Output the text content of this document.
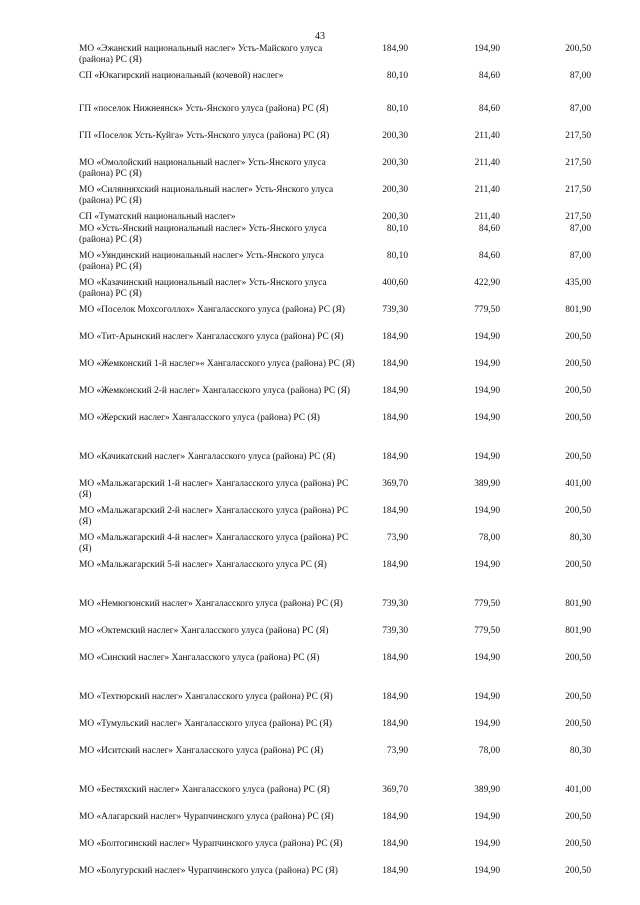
43
МО «Эжанский национальный наслег» Усть-Майского улуса (района) РС (Я)	184,90	194,90	200,50
СП «Юкагирский национальный (кочевой) наслег»	80,10	84,60	87,00
ГП «поселок Нижнеянск» Усть-Янского улуса (района) РС (Я)	80,10	84,60	87,00
ГП «Поселок Усть-Куйга» Усть-Янского улуса (района) РС (Я)	200,30	211,40	217,50
МО «Омолойский национальный наслег» Усть-Янского улуса (района) РС (Я)	200,30	211,40	217,50
МО «Силянняхский национальный наслег» Усть-Янского улуса (района) РС (Я)	200,30	211,40	217,50
СП «Туматский национальный наслег»	200,30	211,40	217,50
МО «Усть-Янский национальный наслег» Усть-Янского улуса (района) РС (Я)	80,10	84,60	87,00
МО «Уяндинский национальный наслег» Усть-Янского улуса (района) РС (Я)	80,10	84,60	87,00
МО «Казачинский национальный наслег» Усть-Янского улуса (района) РС (Я)	400,60	422,90	435,00
МО «Поселок Мохсоголлох» Хангаласского улуса (района) РС (Я)	739,30	779,50	801,90
МО «Тит-Арынский наслег» Хангаласского улуса (района) РС (Я)	184,90	194,90	200,50
МО «Жемконский 1-й наслег»« Хангаласского улуса (района) РС (Я)	184,90	194,90	200,50
МО «Жемконский 2-й наслег» Хангаласского улуса (района) РС (Я)	184,90	194,90	200,50
МО «Жерский наслег» Хангаласского улуса (района) РС (Я)	184,90	194,90	200,50
МО «Качикатский наслег» Хангаласского улуса (района) РС (Я)	184,90	194,90	200,50
МО «Мальжагарский 1-й наслег» Хангаласского улуса (района) РС (Я)	369,70	389,90	401,00
МО «Мальжагарский 2-й наслег» Хангаласского улуса (района) РС (Я)	184,90	194,90	200,50
МО «Мальжагарский 4-й наслег» Хангаласского улуса (района) РС (Я)	73,90	78,00	80,30
МО «Мальжагарский 5-й наслег» Хангаласского улуса РС (Я)	184,90	194,90	200,50
МО «Немюгюнский наслег» Хангаласского улуса (района) РС (Я)	739,30	779,50	801,90
МО «Октемский наслег» Хангаласского улуса (района) РС (Я)	739,30	779,50	801,90
МО «Синский наслег» Хангаласского улуса (района) РС (Я)	184,90	194,90	200,50
МО «Техтюрский наслег» Хангаласского улуса (района) РС (Я)	184,90	194,90	200,50
МО «Тумульский наслег» Хангаласского улуса (района) РС (Я)	184,90	194,90	200,50
МО «Иситский наслег» Хангаласского улуса (района) РС (Я)	73,90	78,00	80,30
МО «Бестяхский наслег» Хангаласского улуса (района) РС (Я)	369,70	389,90	401,00
МО «Алагарский наслег» Чурапчинского улуса (района) РС (Я)	184,90	194,90	200,50
МО «Болтогинский наслег» Чурапчинского улуса (района) РС (Я)	184,90	194,90	200,50
МО «Болугурский наслег» Чурапчинского улуса (района) РС (Я)	184,90	194,90	200,50
